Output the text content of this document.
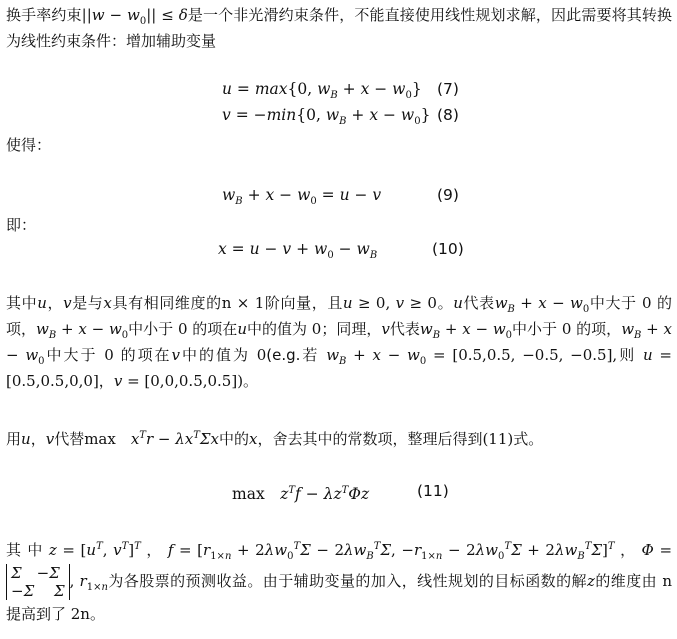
换手率约束$||w - w_0|| \le \delta$是一个非光滑约束条件，不能直接使用线性规划求解，因此需要将其转换为线性约束条件：增加辅助变量
u = max{0, $w_B + x - w_0$} (7)
v = −min{0, $w_B + x - w_0$} (8)
使得：
$w_B + x - w_0 = u - v$	(9)
即：
$x = u - v + w_0 - w_B$	(10)
其中u，v是与x具有相同维度的n × 1阶向量，且u ≥ 0, v ≥ 0。u代表$w_B + x - w_0$中大于 0 的项，$w_B + x - w_0$中小于 0 的项在u中的值为 0；同理，v代表$w_B + x - w_0$中小于 0 的项，$w_B + x - w_0$中大于 0 的项在v中的值为 0(e.g.若 $w_B + x - w_0 = [0.5,0.5$, −0.5, −0.5],则 u = [0.5,0.5,0,0]，v = [0,0,0.5,0.5])。
用u，v代替max　$x^Tr - \lambda x^T\Sigma x$中的x，舍去其中的常数项，整理后得到(11)式。
max　$z^Tf - \lambda z^T\Phi z$	(11)
其 中 $z = [u^T$, $v^T]^T$ ， $f = [r_{1\times n} + 2\lambda w_0^T\Sigma - 2\lambda w_B^T\Sigma$, $-r_{1\times n} - 2\lambda w_0^T\Sigma + 2\lambda w_B^T\Sigma]^T$ ， Φ =
Σ　−Σ
−Σ　 Σ
, $r_{1\times n}$为各股票的预测收益。由于辅助变量的加入，线性规划的目标函数的解z的维度由 n 提高到了 2n。
